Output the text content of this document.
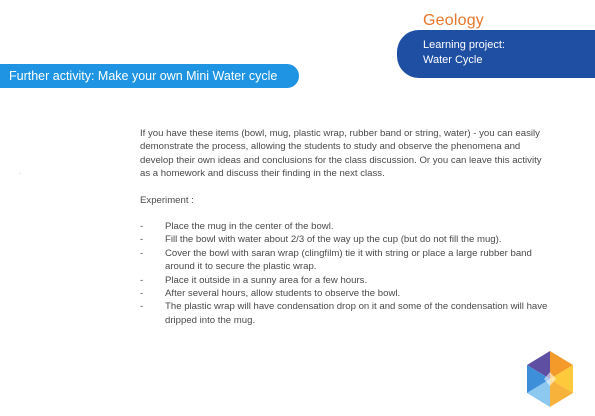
Geology
Learning project:
Water Cycle
Further activity: Make your own Mini Water cycle
.

If you have these items (bowl, mug, plastic wrap, rubber band or string, water) - you can easily demonstrate the process, allowing the students to study and observe the phenomena and develop their own ideas and conclusions for the class discussion. Or you can leave this activity as a homework and discuss their finding in the next class.

Experiment :

-	Place the mug in the center of the bowl.
-	Fill the bowl with water about 2/3 of the way up the cup (but do not fill the mug).
-	Cover the bowl with saran wrap (clingfilm) tie it with string or place a large rubber band around it to secure the plastic wrap.
-	Place it outside in a sunny area for a few hours.
-	After several hours, allow students to observe the bowl.
-	The plastic wrap will have condensation drop on it and some of the condensation will have dripped into the mug.
